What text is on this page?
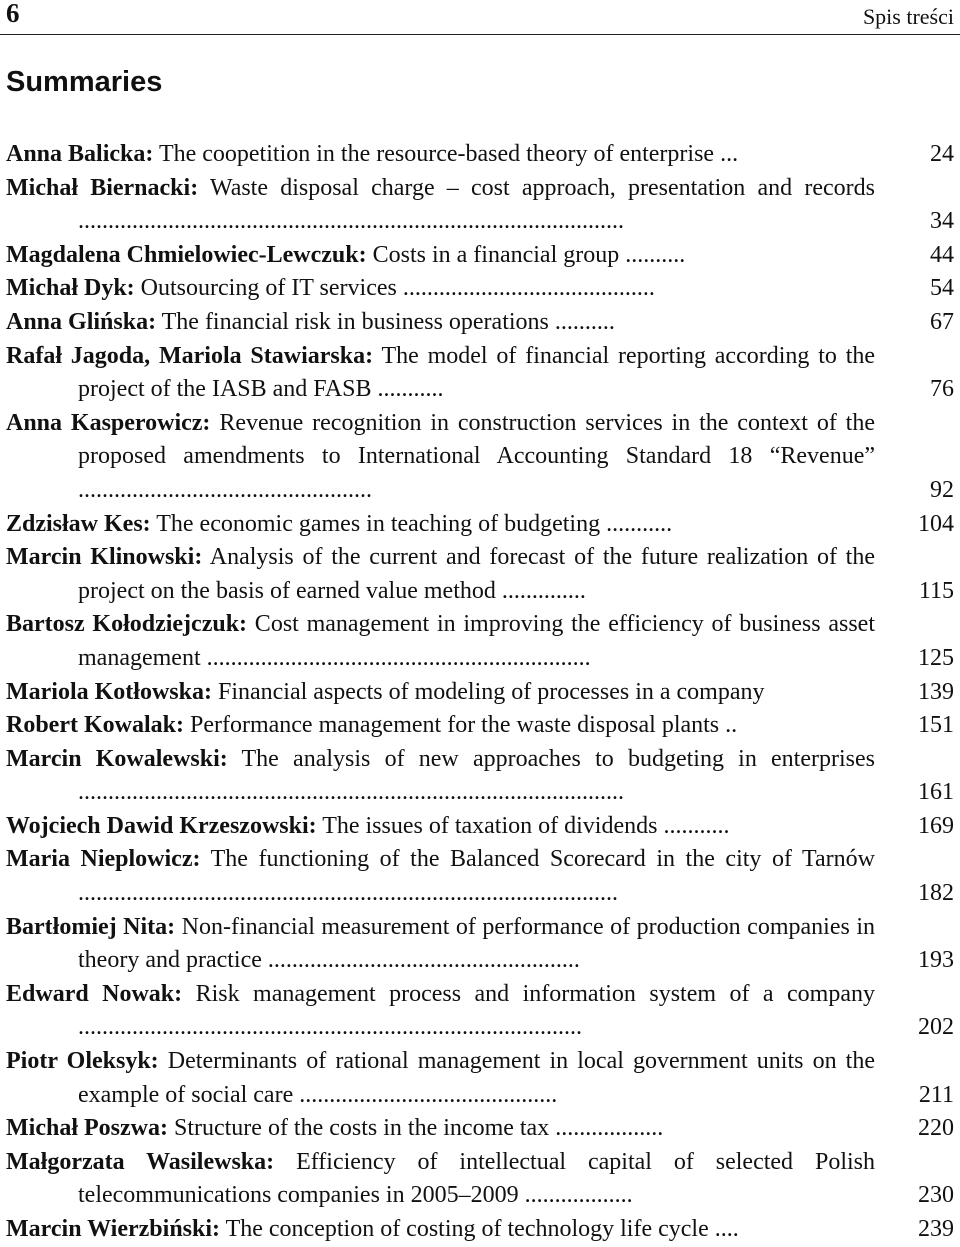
6	Spis treści
Summaries
Anna Balicka: The coopetition in the resource-based theory of enterprise ...	24
Michał Biernacki: Waste disposal charge – cost approach, presentation and records ...........................................................................................	34
Magdalena Chmielowiec-Lewczuk: Costs in a financial group ..........	44
Michał Dyk: Outsourcing of IT services ..........................................	54
Anna Glińska: The financial risk in business operations ..........	67
Rafał Jagoda, Mariola Stawiarska: The model of financial reporting according to the project of the IASB and FASB ...........	76
Anna Kasperowicz: Revenue recognition in construction services in the context of the proposed amendments to International Accounting Standard 18 “Revenue” .................................................	92
Zdzisław Kes: The economic games in teaching of budgeting ...........	104
Marcin Klinowski: Analysis of the current and forecast of the future realization of the project on the basis of earned value method ..............	115
Bartosz Kołodziejczuk: Cost management in improving the efficiency of business asset management ................................................................	125
Mariola Kotłowska: Financial aspects of modeling of processes in a company	139
Robert Kowalak: Performance management for the waste disposal plants ..	151
Marcin Kowalewski: The analysis of new approaches to budgeting in enterprises ...........................................................................................	161
Wojciech Dawid Krzeszowski: The issues of taxation of dividends ...........	169
Maria Nieplowicz: The functioning of the Balanced Scorecard in the city of Tarnów ..........................................................................................	182
Bartłomiej Nita: Non-financial measurement of performance of production companies in theory and practice ....................................................	193
Edward Nowak: Risk management process and information system of a company ....................................................................................	202
Piotr Oleksyk: Determinants of rational management in local government units on the example of social care ...........................................	211
Michał Poszwa: Structure of the costs in the income tax ..................	220
Małgorzata Wasilewska: Efficiency of intellectual capital of selected Polish telecommunications companies in 2005–2009 ..................	230
Marcin Wierzbiński: The conception of costing of technology life cycle ....	239
